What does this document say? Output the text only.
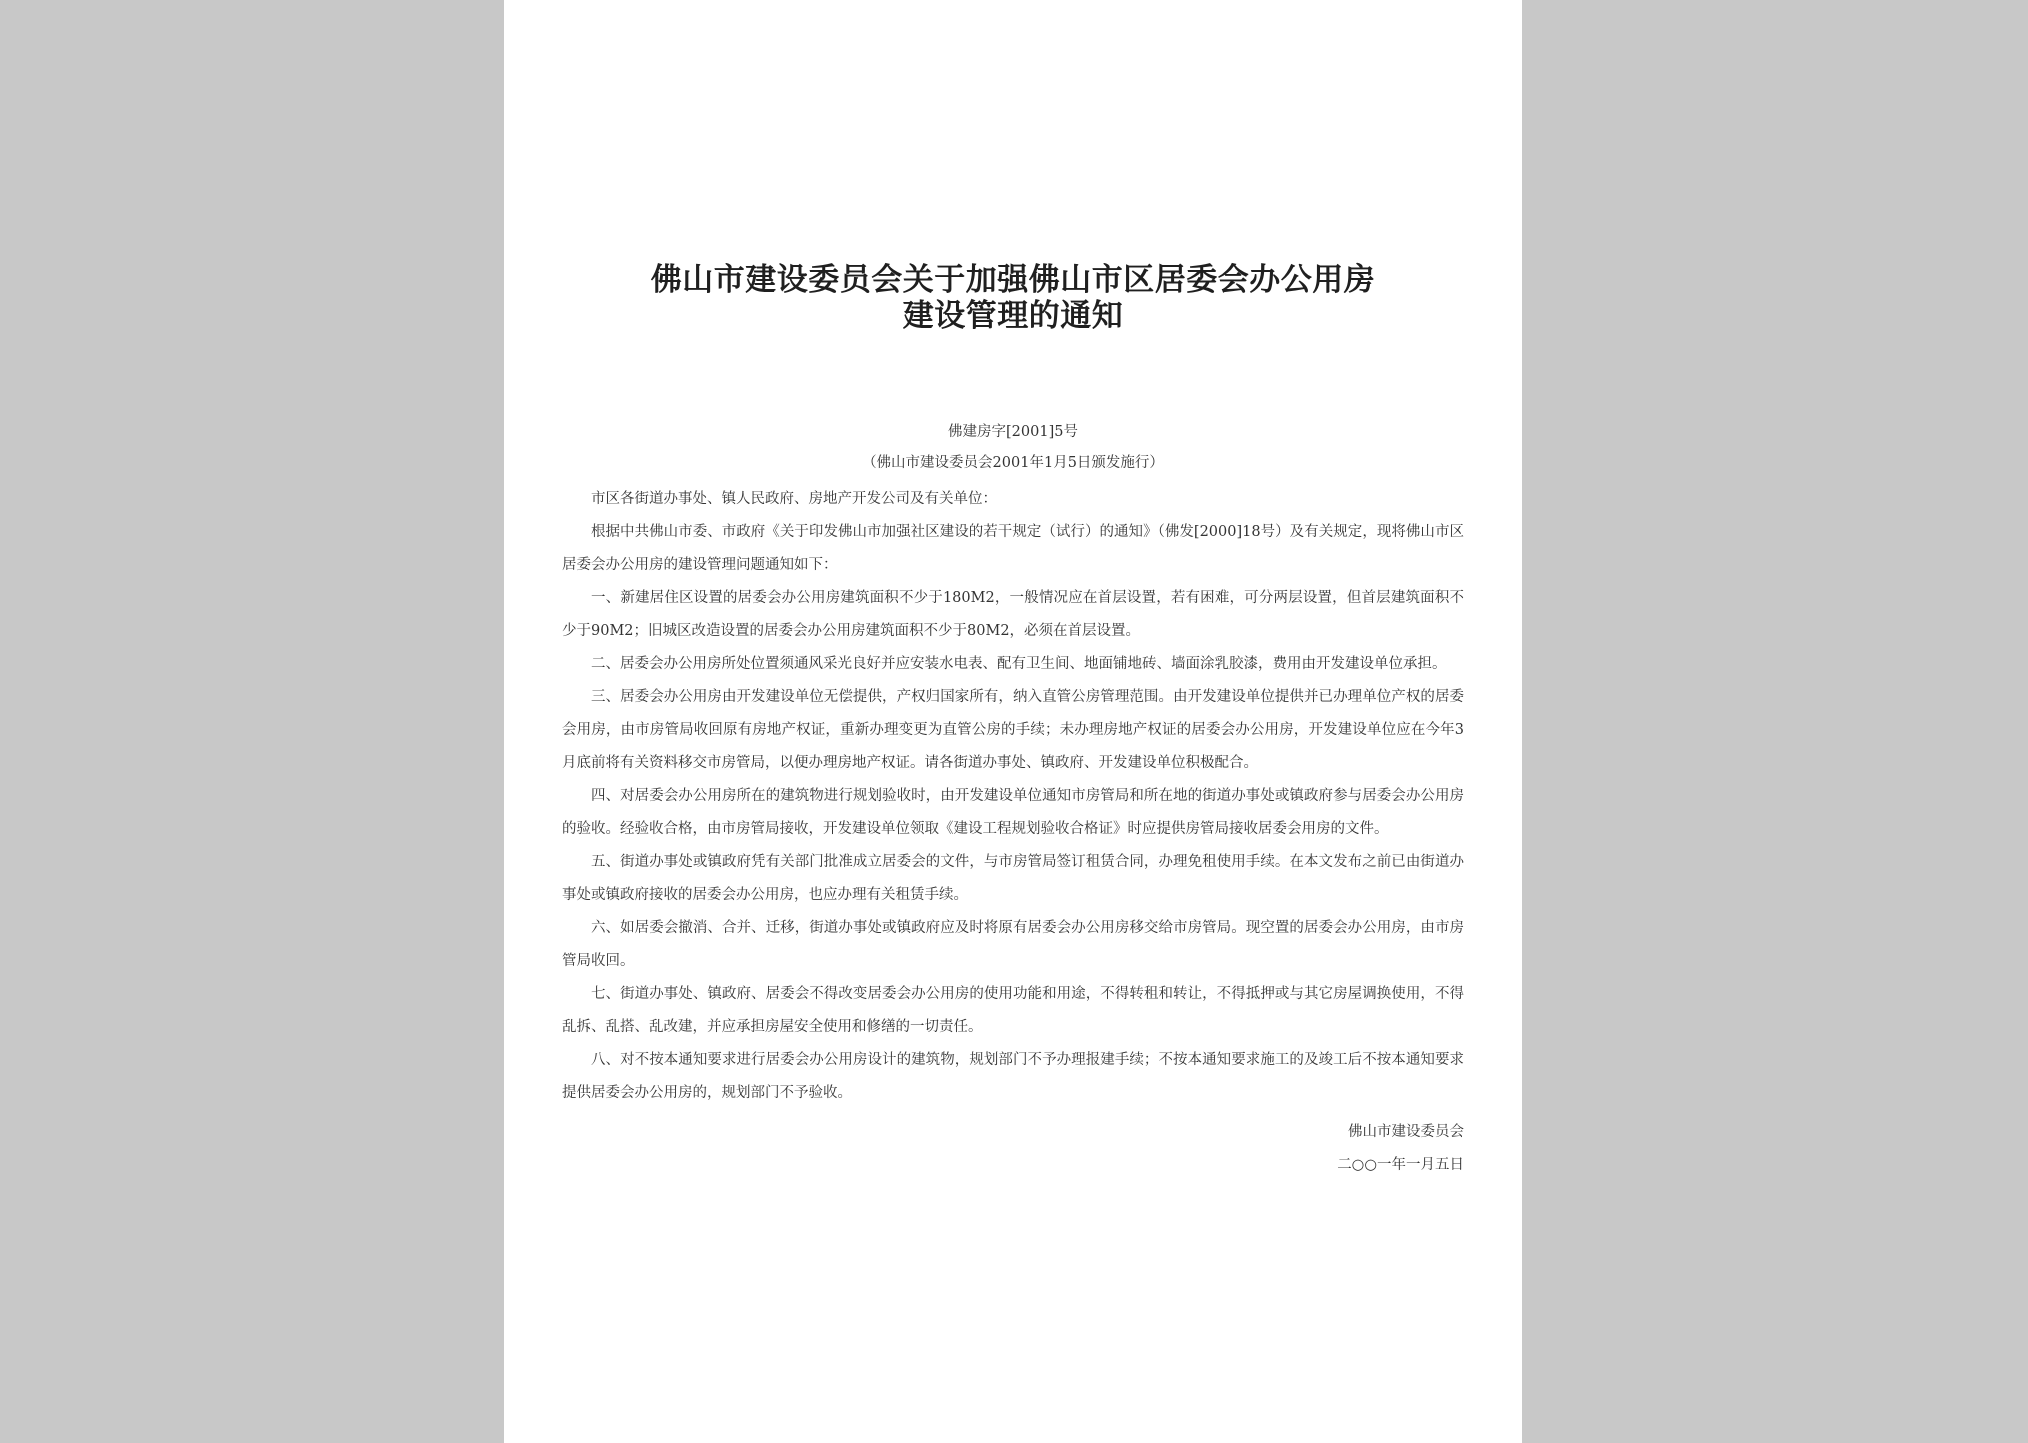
佛山市建设委员会关于加强佛山市区居委会办公用房
建设管理的通知
佛建房字[2001]5号
（佛山市建设委员会2001年1月5日颁发施行）
市区各街道办事处、镇人民政府、房地产开发公司及有关单位：

根据中共佛山市委、市政府《关于印发佛山市加强社区建设的若干规定（试行）的通知》（佛发[2000]18号）及有关规定，现将佛山市区居委会办公用房的建设管理问题通知如下：

一、新建居住区设置的居委会办公用房建筑面积不少于180M2，一般情况应在首层设置，若有困难，可分两层设置，但首层建筑面积不少于90M2；旧城区改造设置的居委会办公用房建筑面积不少于80M2，必须在首层设置。

二、居委会办公用房所处位置须通风采光良好并应安装水电表、配有卫生间、地面铺地砖、墙面涂乳胶漆，费用由开发建设单位承担。

三、居委会办公用房由开发建设单位无偿提供，产权归国家所有，纳入直管公房管理范围。由开发建设单位提供并已办理单位产权的居委会用房，由市房管局收回原有房地产权证，重新办理变更为直管公房的手续；未办理房地产权证的居委会办公用房，开发建设单位应在今年3月底前将有关资料移交市房管局，以便办理房地产权证。请各街道办事处、镇政府、开发建设单位积极配合。

四、对居委会办公用房所在的建筑物进行规划验收时，由开发建设单位通知市房管局和所在地的街道办事处或镇政府参与居委会办公用房的验收。经验收合格，由市房管局接收，开发建设单位领取《建设工程规划验收合格证》时应提供房管局接收居委会用房的文件。

五、街道办事处或镇政府凭有关部门批准成立居委会的文件，与市房管局签订租赁合同，办理免租使用手续。在本文发布之前已由街道办事处或镇政府接收的居委会办公用房，也应办理有关租赁手续。

六、如居委会撤消、合并、迁移，街道办事处或镇政府应及时将原有居委会办公用房移交给市房管局。现空置的居委会办公用房，由市房管局收回。

七、街道办事处、镇政府、居委会不得改变居委会办公用房的使用功能和用途，不得转租和转让，不得抵押或与其它房屋调换使用，不得乱拆、乱搭、乱改建，并应承担房屋安全使用和修缮的一切责任。

八、对不按本通知要求进行居委会办公用房设计的建筑物，规划部门不予办理报建手续；不按本通知要求施工的及竣工后不按本通知要求提供居委会办公用房的，规划部门不予验收。

佛山市建设委员会
二○○一年一月五日
